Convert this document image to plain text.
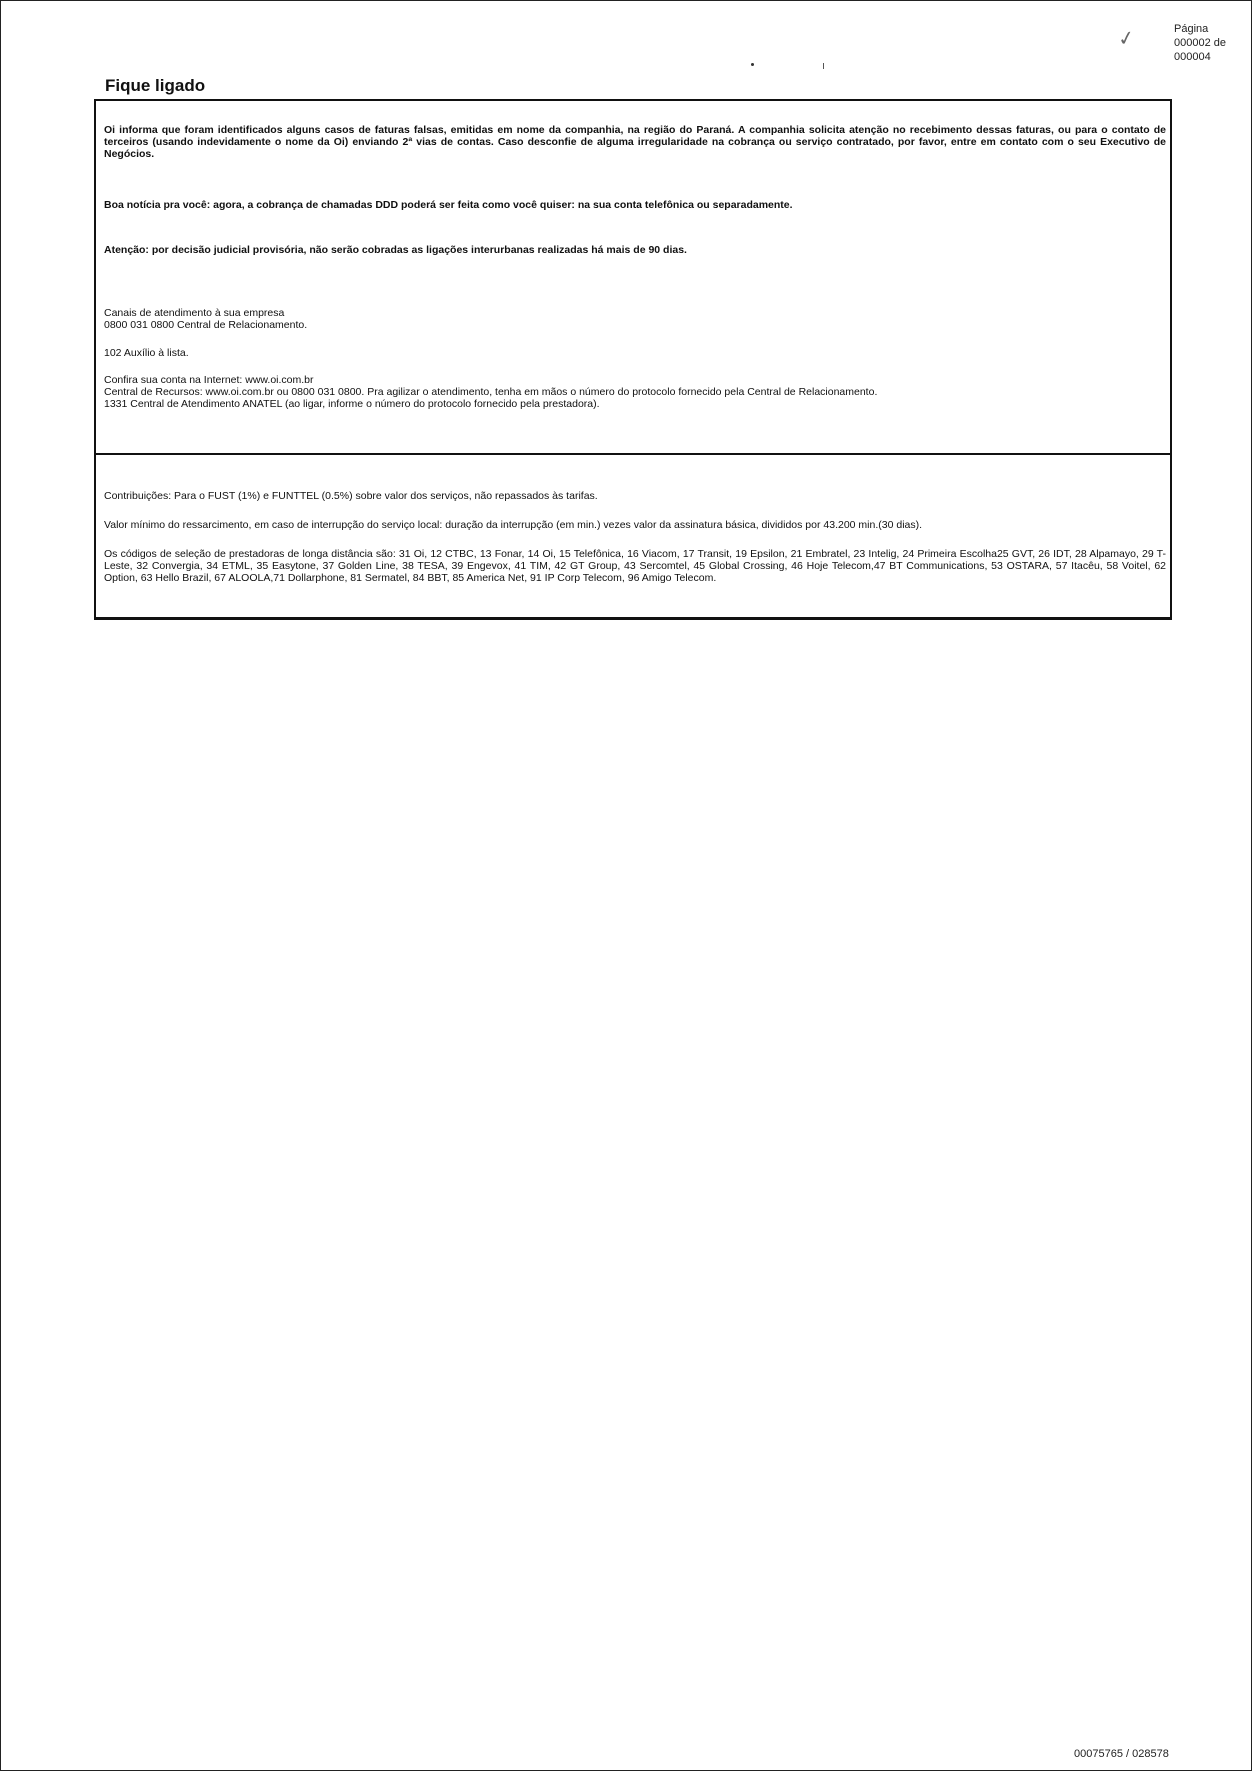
✓	Página
000002 de
000004
Fique ligado
Oi informa que foram identificados alguns casos de faturas falsas, emitidas em nome da companhia, na região do Paraná. A companhia solicita atenção no recebimento dessas faturas, ou para o contato de terceiros (usando indevidamente o nome da Oi) enviando 2ª vias de contas. Caso desconfie de alguma irregularidade na cobrança ou serviço contratado, por favor, entre em contato com o seu Executivo de Negócios.
Boa notícia pra você: agora, a cobrança de chamadas DDD poderá ser feita como você quiser: na sua conta telefônica ou separadamente.
Atenção: por decisão judicial provisória, não serão cobradas as ligações interurbanas realizadas há mais de 90 dias.
Canais de atendimento à sua empresa
0800 031 0800 Central de Relacionamento.
102 Auxílio à lista.
Confira sua conta na Internet: www.oi.com.br
Central de Recursos: www.oi.com.br ou 0800 031 0800. Pra agilizar o atendimento, tenha em mãos o número do protocolo fornecido pela Central de Relacionamento.
1331 Central de Atendimento ANATEL (ao ligar, informe o número do protocolo fornecido pela prestadora).
Contribuições: Para o FUST (1%) e FUNTTEL (0.5%) sobre valor dos serviços, não repassados às tarifas.
Valor mínimo do ressarcimento, em caso de interrupção do serviço local: duração da interrupção (em min.) vezes valor da assinatura básica, divididos por 43.200 min.(30 dias).
Os códigos de seleção de prestadoras de longa distância são: 31 Oi, 12 CTBC, 13 Fonar, 14 Oi, 15 Telefônica, 16 Viacom, 17 Transit, 19 Epsilon, 21 Embratel, 23 Intelig, 24 Primeira Escolha25 GVT, 26 IDT, 28 Alpamayo, 29 T-Leste, 32 Convergia, 34 ETML, 35 Easytone, 37 Golden Line, 38 TESA, 39 Engevox, 41 TIM, 42 GT Group, 43 Sercomtel, 45 Global Crossing, 46 Hoje Telecom,47 BT Communications, 53 OSTARA, 57 Itacêu, 58 Voitel, 62 Option, 63 Hello Brazil, 67 ALOOLA,71 Dollarphone, 81 Sermatel, 84 BBT, 85 America Net, 91 IP Corp Telecom, 96 Amigo Telecom.
00075765 / 028578
